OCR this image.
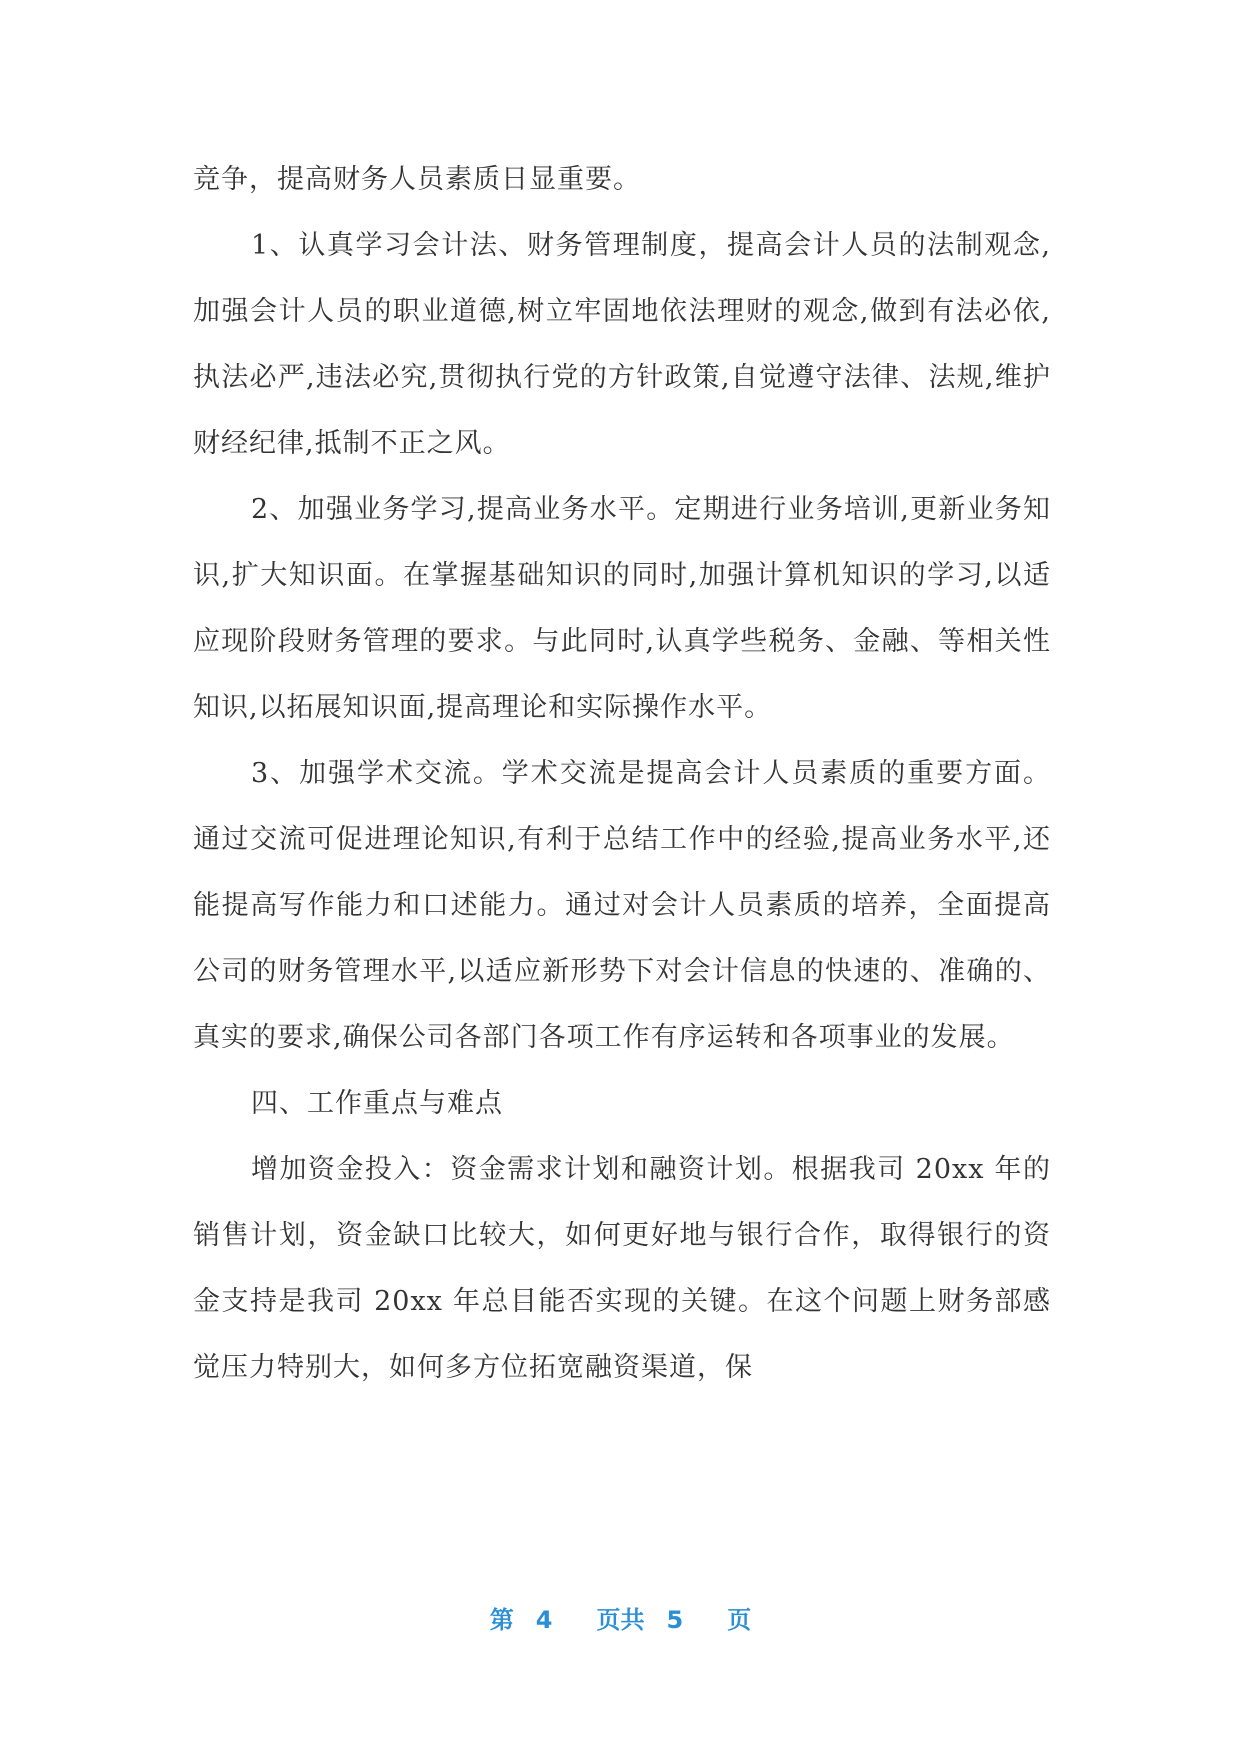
竞争，提高财务人员素质日显重要。

1、认真学习会计法、财务管理制度，提高会计人员的法制观念,加强会计人员的职业道德,树立牢固地依法理财的观念,做到有法必依,执法必严,违法必究,贯彻执行党的方针政策,自觉遵守法律、法规,维护财经纪律,抵制不正之风。

2、加强业务学习,提高业务水平。定期进行业务培训,更新业务知识,扩大知识面。在掌握基础知识的同时,加强计算机知识的学习,以适应现阶段财务管理的要求。与此同时,认真学些税务、金融、等相关性知识,以拓展知识面,提高理论和实际操作水平。

3、加强学术交流。学术交流是提高会计人员素质的重要方面。通过交流可促进理论知识,有利于总结工作中的经验,提高业务水平,还能提高写作能力和口述能力。通过对会计人员素质的培养，全面提高公司的财务管理水平,以适应新形势下对会计信息的快速的、准确的、真实的要求,确保公司各部门各项工作有序运转和各项事业的发展。

四、工作重点与难点

增加资金投入：资金需求计划和融资计划。根据我司 20xx 年的销售计划，资金缺口比较大，如何更好地与银行合作，取得银行的资金支持是我司 20xx 年总目能否实现的关键。在这个问题上财务部感觉压力特别大，如何多方位拓宽融资渠道，保

第 4 页共 5 页
